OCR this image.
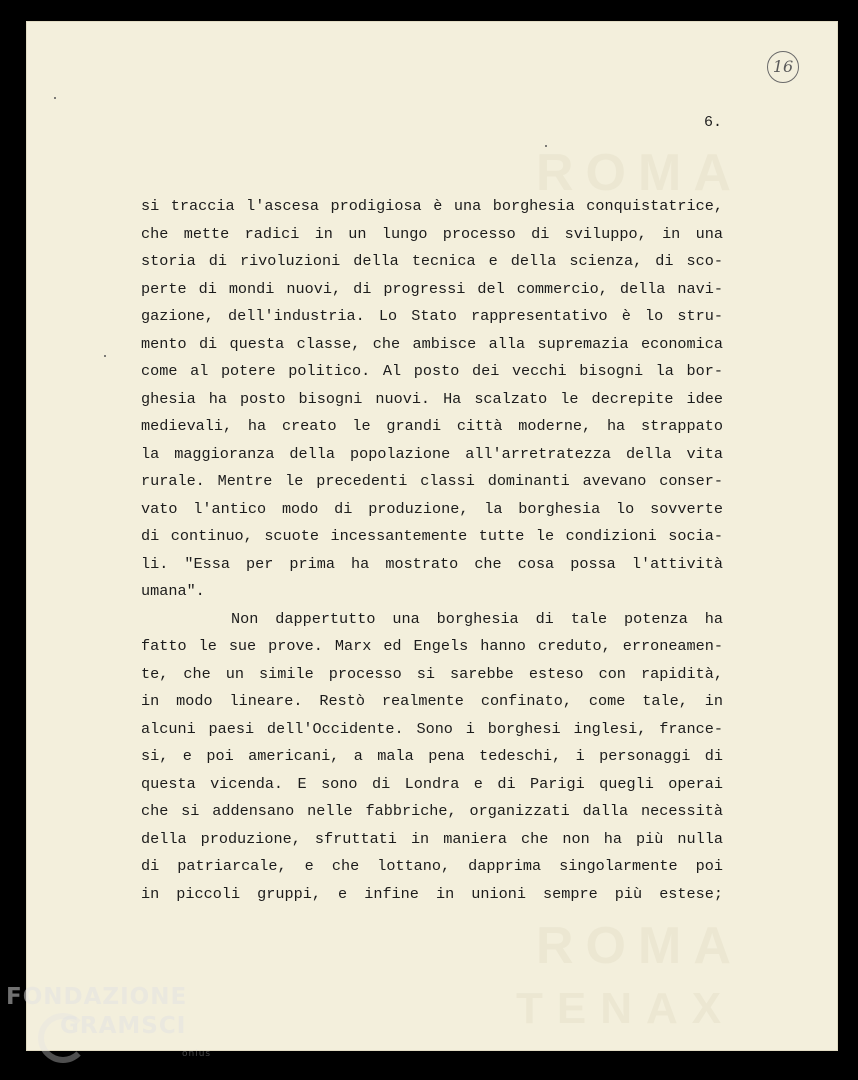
ROMA
ROMA
TENAX
16
6.
si traccia l'ascesa prodigiosa è una borghesia conquistatrice,
che mette radici in un lungo processo di sviluppo, in una
storia di rivoluzioni della tecnica e della scienza, di sco-
perte di mondi nuovi, di progressi del commercio, della navi-
gazione, dell'industria. Lo Stato rappresentativo è lo stru-
mento di questa classe, che ambisce alla supremazia economica
come al potere politico. Al posto dei vecchi bisogni la bor-
ghesia ha posto bisogni nuovi. Ha scalzato le decrepite idee
medievali, ha creato le grandi città moderne, ha strappato
la maggioranza della popolazione all'arretratezza della vita
rurale. Mentre le precedenti classi dominanti avevano conser-
vato l'antico modo di produzione, la borghesia lo sovverte
di continuo, scuote incessantemente tutte le condizioni socia-
li. "Essa per prima ha mostrato che cosa possa l'attività
umana".
Non dappertutto una borghesia di tale potenza ha
fatto le sue prove. Marx ed Engels hanno creduto, erroneamen-
te, che un simile processo si sarebbe esteso con rapidità,
in modo lineare. Restò realmente confinato, come tale, in
alcuni paesi dell'Occidente. Sono i borghesi inglesi, france-
si, e poi americani, a mala pena tedeschi, i personaggi di
questa vicenda. E sono di Londra e di Parigi quegli operai
che si addensano nelle fabbriche, organizzati dalla necessità
della produzione, sfruttati in maniera che non ha più nulla
di patriarcale, e che lottano, dapprima singolarmente poi
in piccoli gruppi, e infine in unioni sempre più estese;
FONDAZIONE
GRAMSCI
onlus
